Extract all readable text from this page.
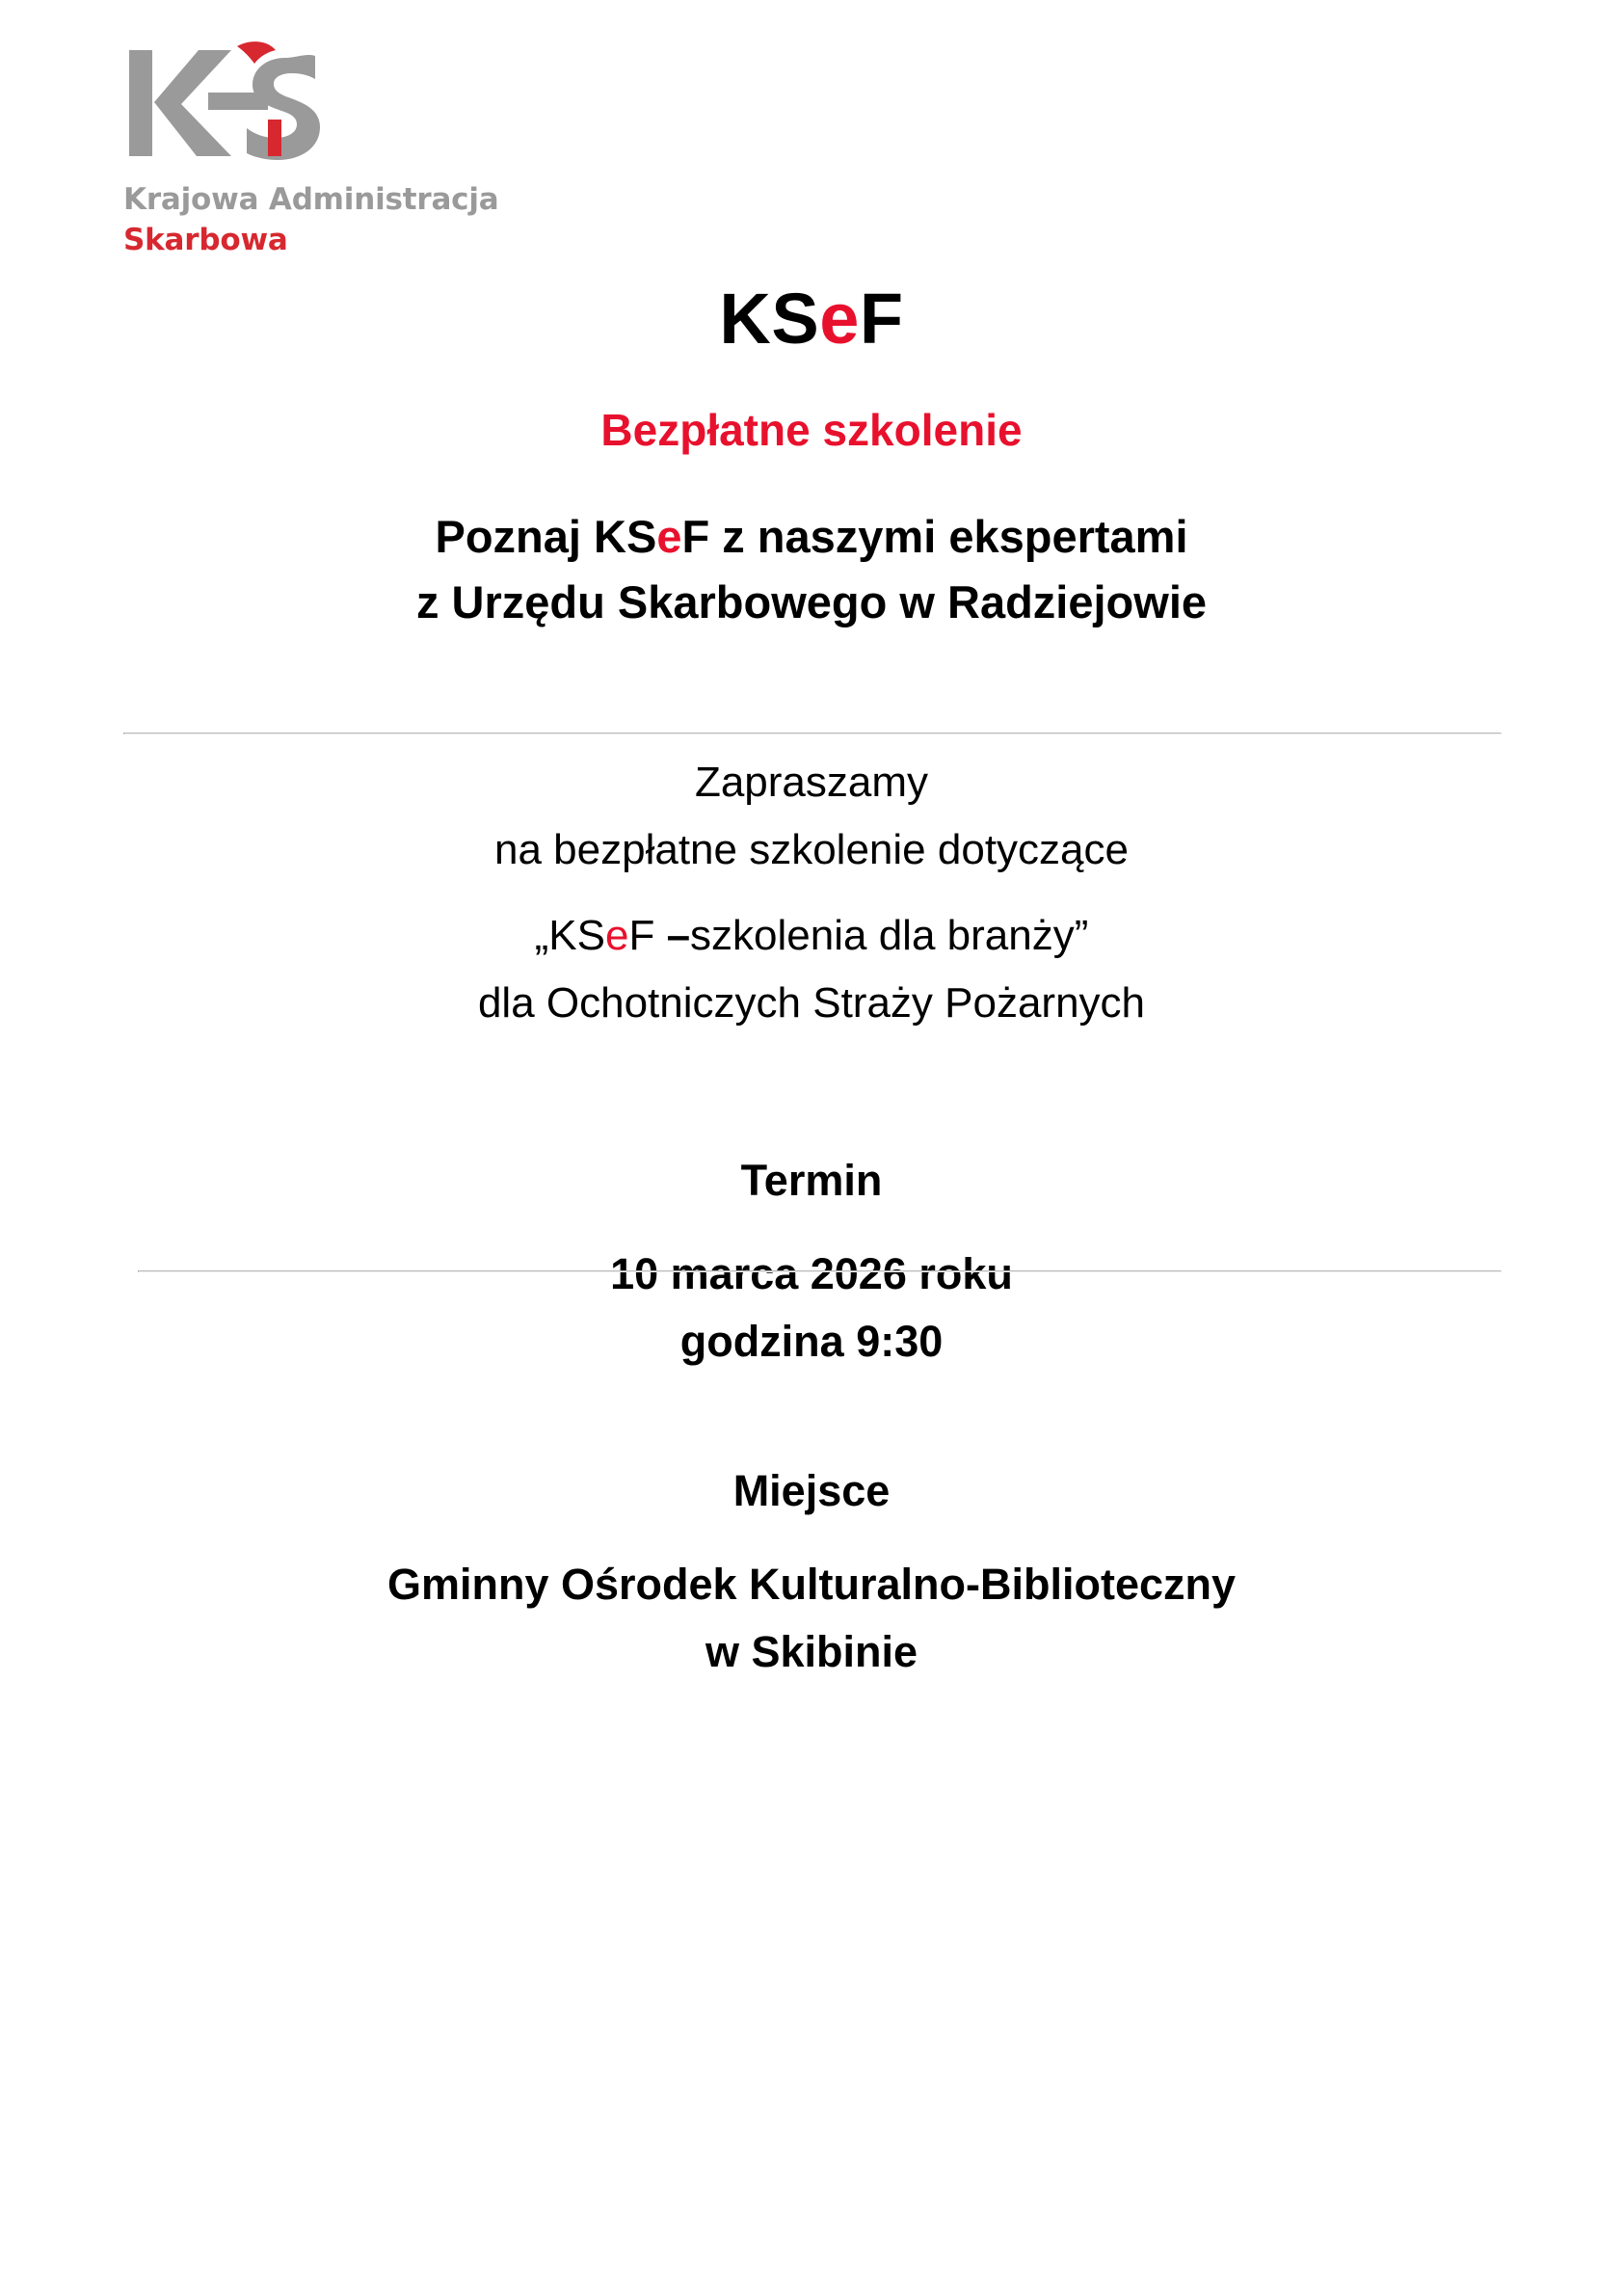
Krajowa Administracja
Skarbowa
KSeF
Bezpłatne szkolenie
Poznaj KSeF z naszymi ekspertami
z Urzędu Skarbowego w Radziejowie
Zapraszamy
na bezpłatne szkolenie dotyczące
„KSeF –szkolenia dla branży”
dla Ochotniczych Straży Pożarnych
Termin
10 marca 2026 roku
godzina 9:30
Miejsce
Gminny Ośrodek Kulturalno-Biblioteczny
w Skibinie
